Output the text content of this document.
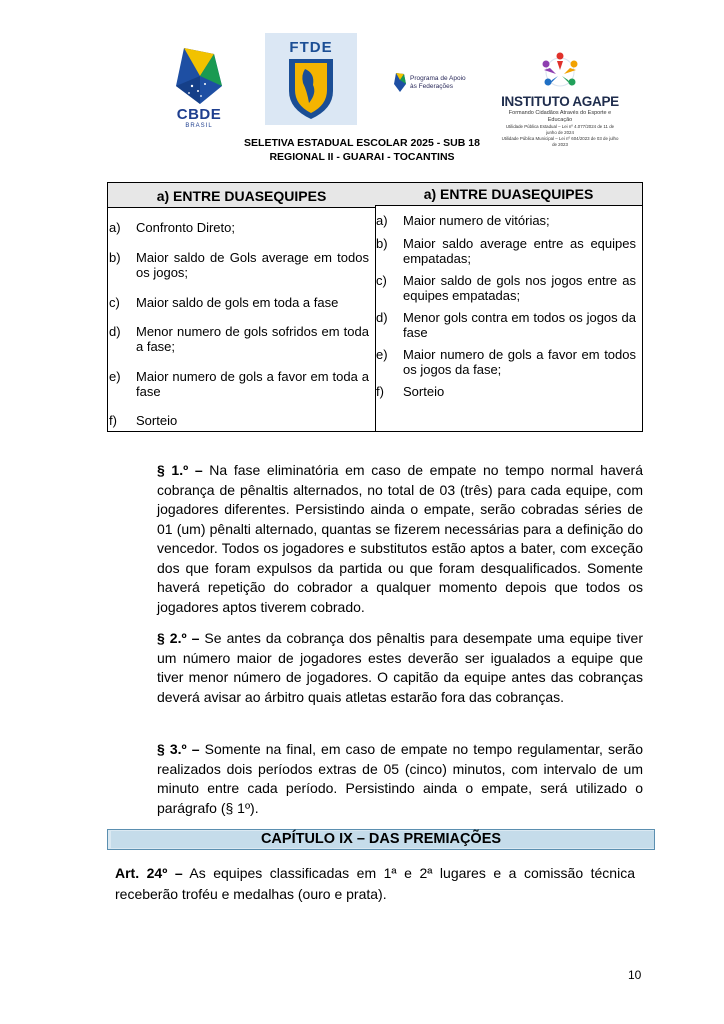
CBDE
BRASIL
FTDE
Programa de Apoio
às Federações
INSTITUTO AGAPE
Formando Cidadãos Através do Esporte e Educação
Utilidade Pública Estadual – Lei nº 4.077/2024 de 11 de junho de 2024
Utilidade Pública Municipal – Lei nº 604/2023 de 03 de julho de 2023
SELETIVA ESTADUAL ESCOLAR 2025 - SUB 18
REGIONAL II - GUARAI - TOCANTINS
a) ENTRE DUASEQUIPES
a) Confronto Direto;
b) Maior saldo de Gols average em todos os jogos;
c) Maior saldo de gols em toda a fase
d) Menor numero de gols sofridos em toda a fase;
e) Maior numero de gols a favor em toda a fase
f) Sorteio
a) ENTRE DUASEQUIPES
a) Maior numero de vitórias;
b) Maior saldo average entre as equipes empatadas;
c) Maior saldo de gols nos jogos entre as equipes empatadas;
d) Menor gols contra em todos os jogos da fase
e) Maior numero de gols a favor em todos os jogos da fase;
f) Sorteio
§ 1.º – Na fase eliminatória em caso de empate no tempo normal haverá cobrança de pênaltis alternados, no total de 03 (três) para cada equipe, com jogadores diferentes. Persistindo ainda o empate, serão cobradas séries de 01 (um) pênalti alternado, quantas se fizerem necessárias para a definição do vencedor. Todos os jogadores e substitutos estão aptos a bater, com exceção dos que foram expulsos da partida ou que foram desqualificados. Somente haverá repetição do cobrador a qualquer momento depois que todos os jogadores aptos tiverem cobrado.
§ 2.º – Se antes da cobrança dos pênaltis para desempate uma equipe tiver um número maior de jogadores estes deverão ser igualados a equipe que tiver menor número de jogadores. O capitão da equipe antes das cobranças deverá avisar ao árbitro quais atletas estarão fora das cobranças.
§ 3.º – Somente na final, em caso de empate no tempo regulamentar, serão realizados dois períodos extras de 05 (cinco) minutos, com intervalo de um minuto entre cada período. Persistindo ainda o empate, será utilizado o parágrafo (§ 1º).
CAPÍTULO IX – DAS PREMIAÇÕES
Art. 24º – As equipes classificadas em 1ª e 2ª lugares e a comissão técnica receberão troféu e medalhas (ouro e prata).
10
